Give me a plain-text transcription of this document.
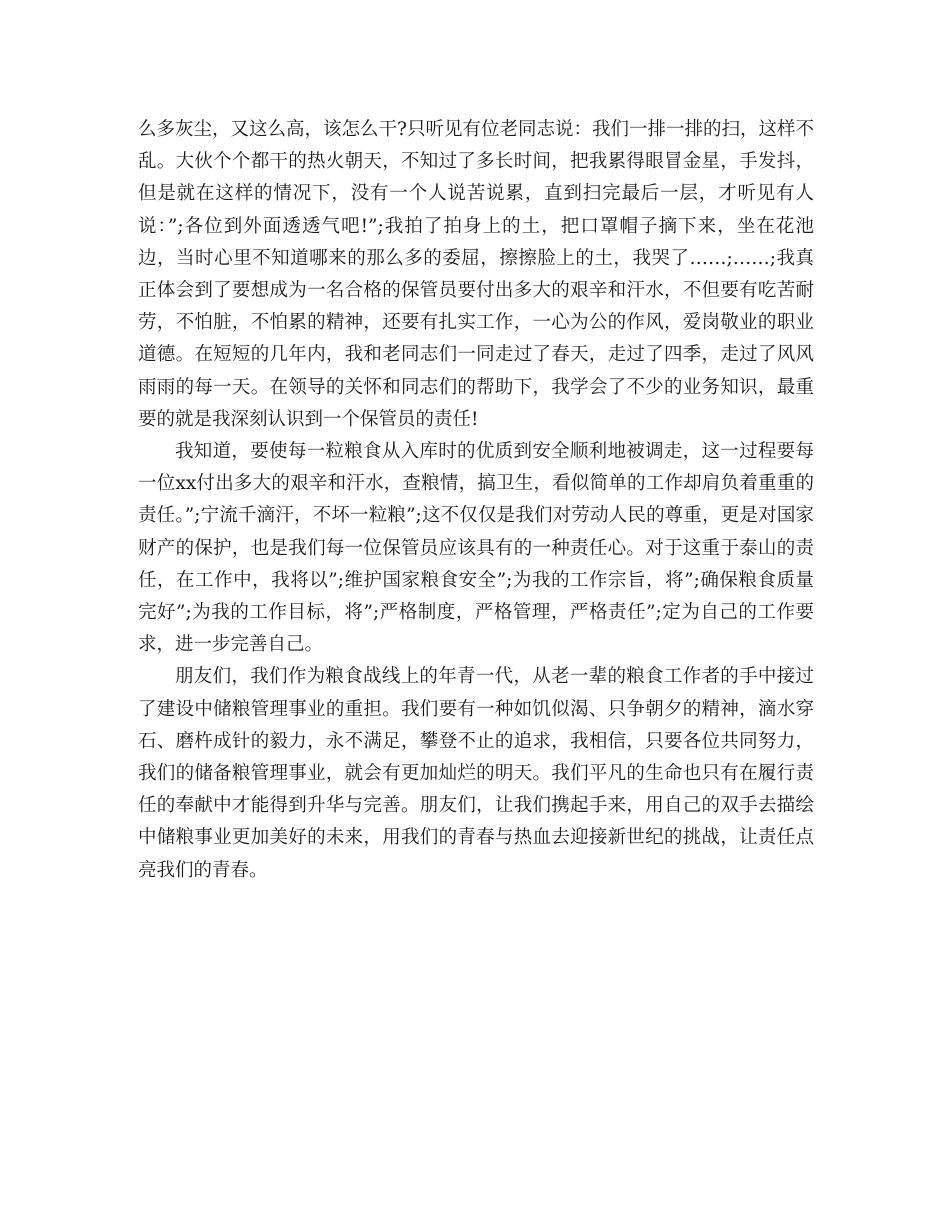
么多灰尘，又这么高，该怎么干?只听见有位老同志说：我们一排一排的扫，这样不乱。大伙个个都干的热火朝天，不知过了多长时间，把我累得眼冒金星，手发抖，但是就在这样的情况下，没有一个人说苦说累，直到扫完最后一层，才听见有人说：”;各位到外面透透气吧!”;我拍了拍身上的土，把口罩帽子摘下来，坐在花池边，当时心里不知道哪来的那么多的委屈，擦擦脸上的土，我哭了……;……;我真正体会到了要想成为一名合格的保管员要付出多大的艰辛和汗水，不但要有吃苦耐劳，不怕脏，不怕累的精神，还要有扎实工作，一心为公的作风，爱岗敬业的职业道德。在短短的几年内，我和老同志们一同走过了春天，走过了四季，走过了风风雨雨的每一天。在领导的关怀和同志们的帮助下，我学会了不少的业务知识，最重要的就是我深刻认识到一个保管员的责任!

我知道，要使每一粒粮食从入库时的优质到安全顺利地被调走，这一过程要每一位xx付出多大的艰辛和汗水，查粮情，搞卫生，看似简单的工作却肩负着重重的责任。”;宁流千滴汗，不坏一粒粮”;这不仅仅是我们对劳动人民的尊重，更是对国家财产的保护，也是我们每一位保管员应该具有的一种责任心。对于这重于泰山的责任，在工作中，我将以”;维护国家粮食安全”;为我的工作宗旨，将”;确保粮食质量完好”;为我的工作目标，将”;严格制度，严格管理，严格责任”;定为自己的工作要求，进一步完善自己。

朋友们，我们作为粮食战线上的年青一代，从老一辈的粮食工作者的手中接过了建设中储粮管理事业的重担。我们要有一种如饥似渴、只争朝夕的精神，滴水穿石、磨杵成针的毅力，永不满足，攀登不止的追求，我相信，只要各位共同努力，我们的储备粮管理事业，就会有更加灿烂的明天。我们平凡的生命也只有在履行责任的奉献中才能得到升华与完善。朋友们，让我们携起手来，用自己的双手去描绘中储粮事业更加美好的未来，用我们的青春与热血去迎接新世纪的挑战，让责任点亮我们的青春。
